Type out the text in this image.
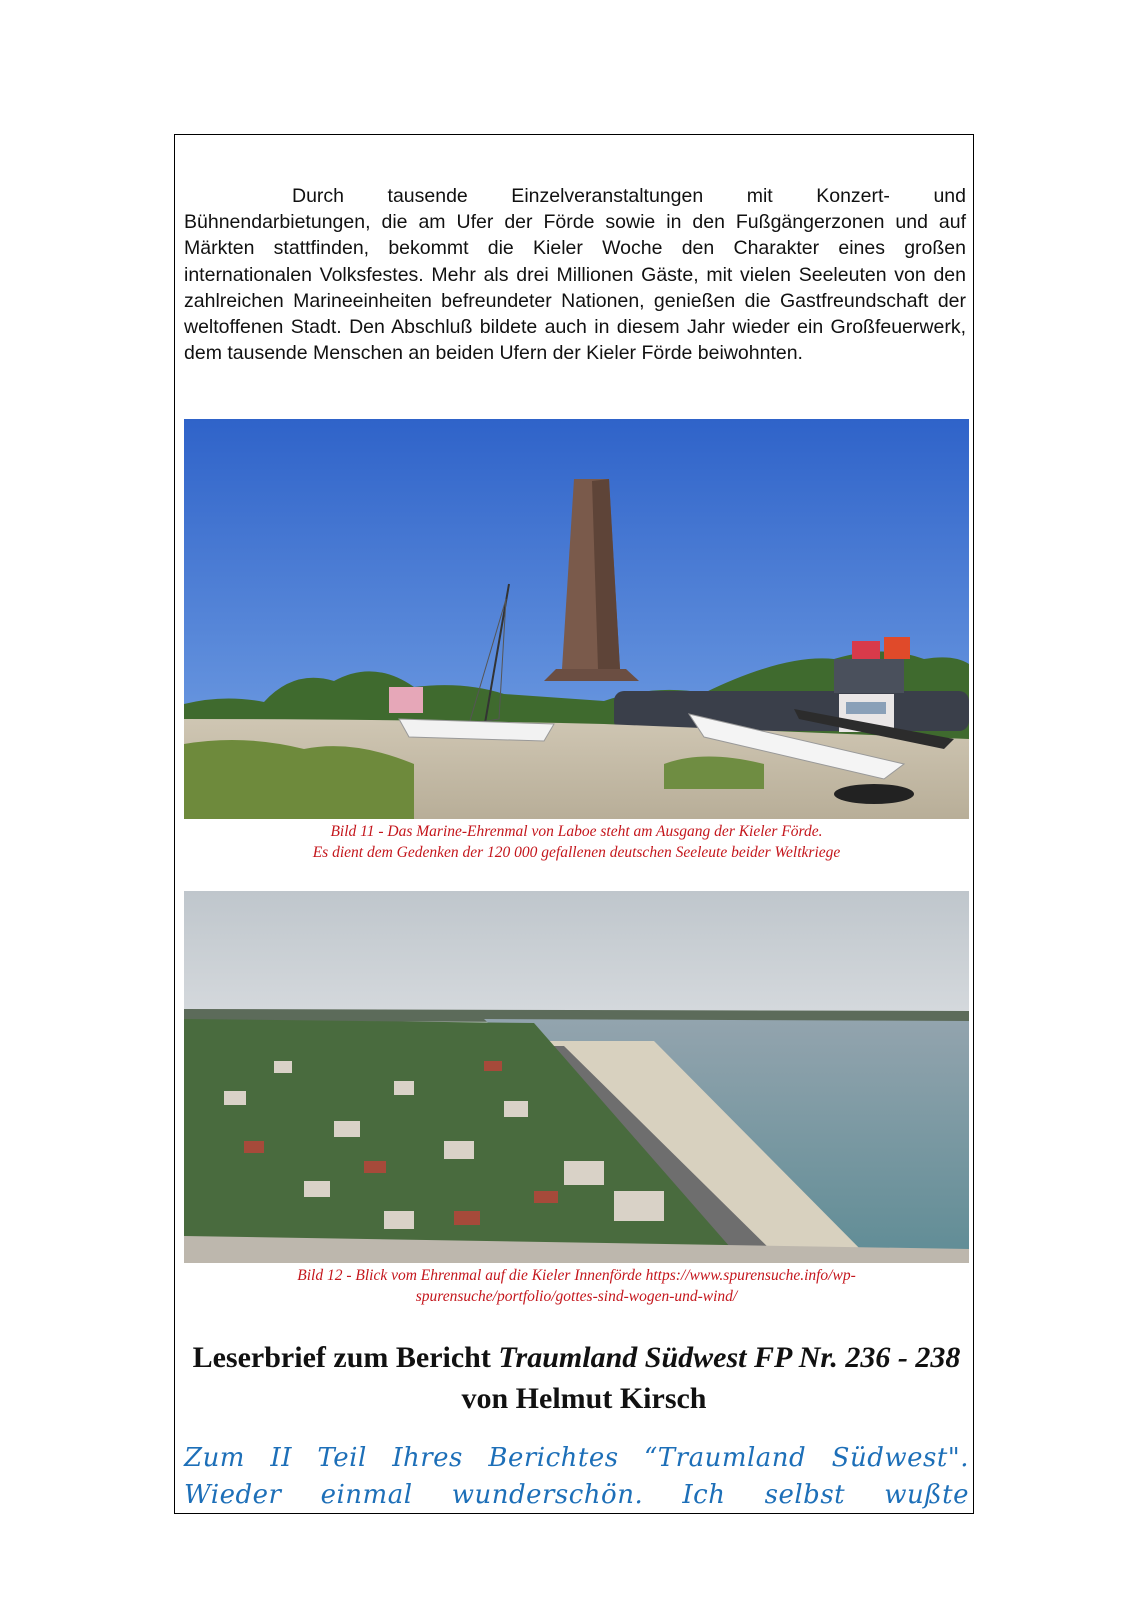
Durch tausende Einzelveranstaltungen mit Konzert- und Bühnendarbietungen, die am Ufer der Förde sowie in den Fußgängerzonen und auf Märkten stattfinden, bekommt die Kieler Woche den Charakter eines großen internationalen Volksfestes. Mehr als drei Millionen Gäste, mit vielen Seeleuten von den zahlreichen Marineeinheiten befreundeter Nationen, genießen die Gastfreundschaft der weltoffenen Stadt. Den Abschluß bildete auch in diesem Jahr wieder ein Großfeuerwerk, dem tausende Menschen an beiden Ufern der Kieler Förde beiwohnten.

Bild 11 - Das Marine-Ehrenmal von Laboe steht am Ausgang der Kieler Förde.
Es dient dem Gedenken der 120 000 gefallenen deutschen Seeleute beider Weltkriege

Bild 12 - Blick vom Ehrenmal auf die Kieler Innenförde https://www.spurensuche.info/wp-
spurensuche/portfolio/gottes-sind-wogen-und-wind/

Leserbrief zum Bericht Traumland Südwest FP Nr. 236 - 238  von Helmut Kirsch

Zum II Teil Ihres Berichtes “Traumland Südwest". Wieder einmal wunderschön. Ich selbst wußte
